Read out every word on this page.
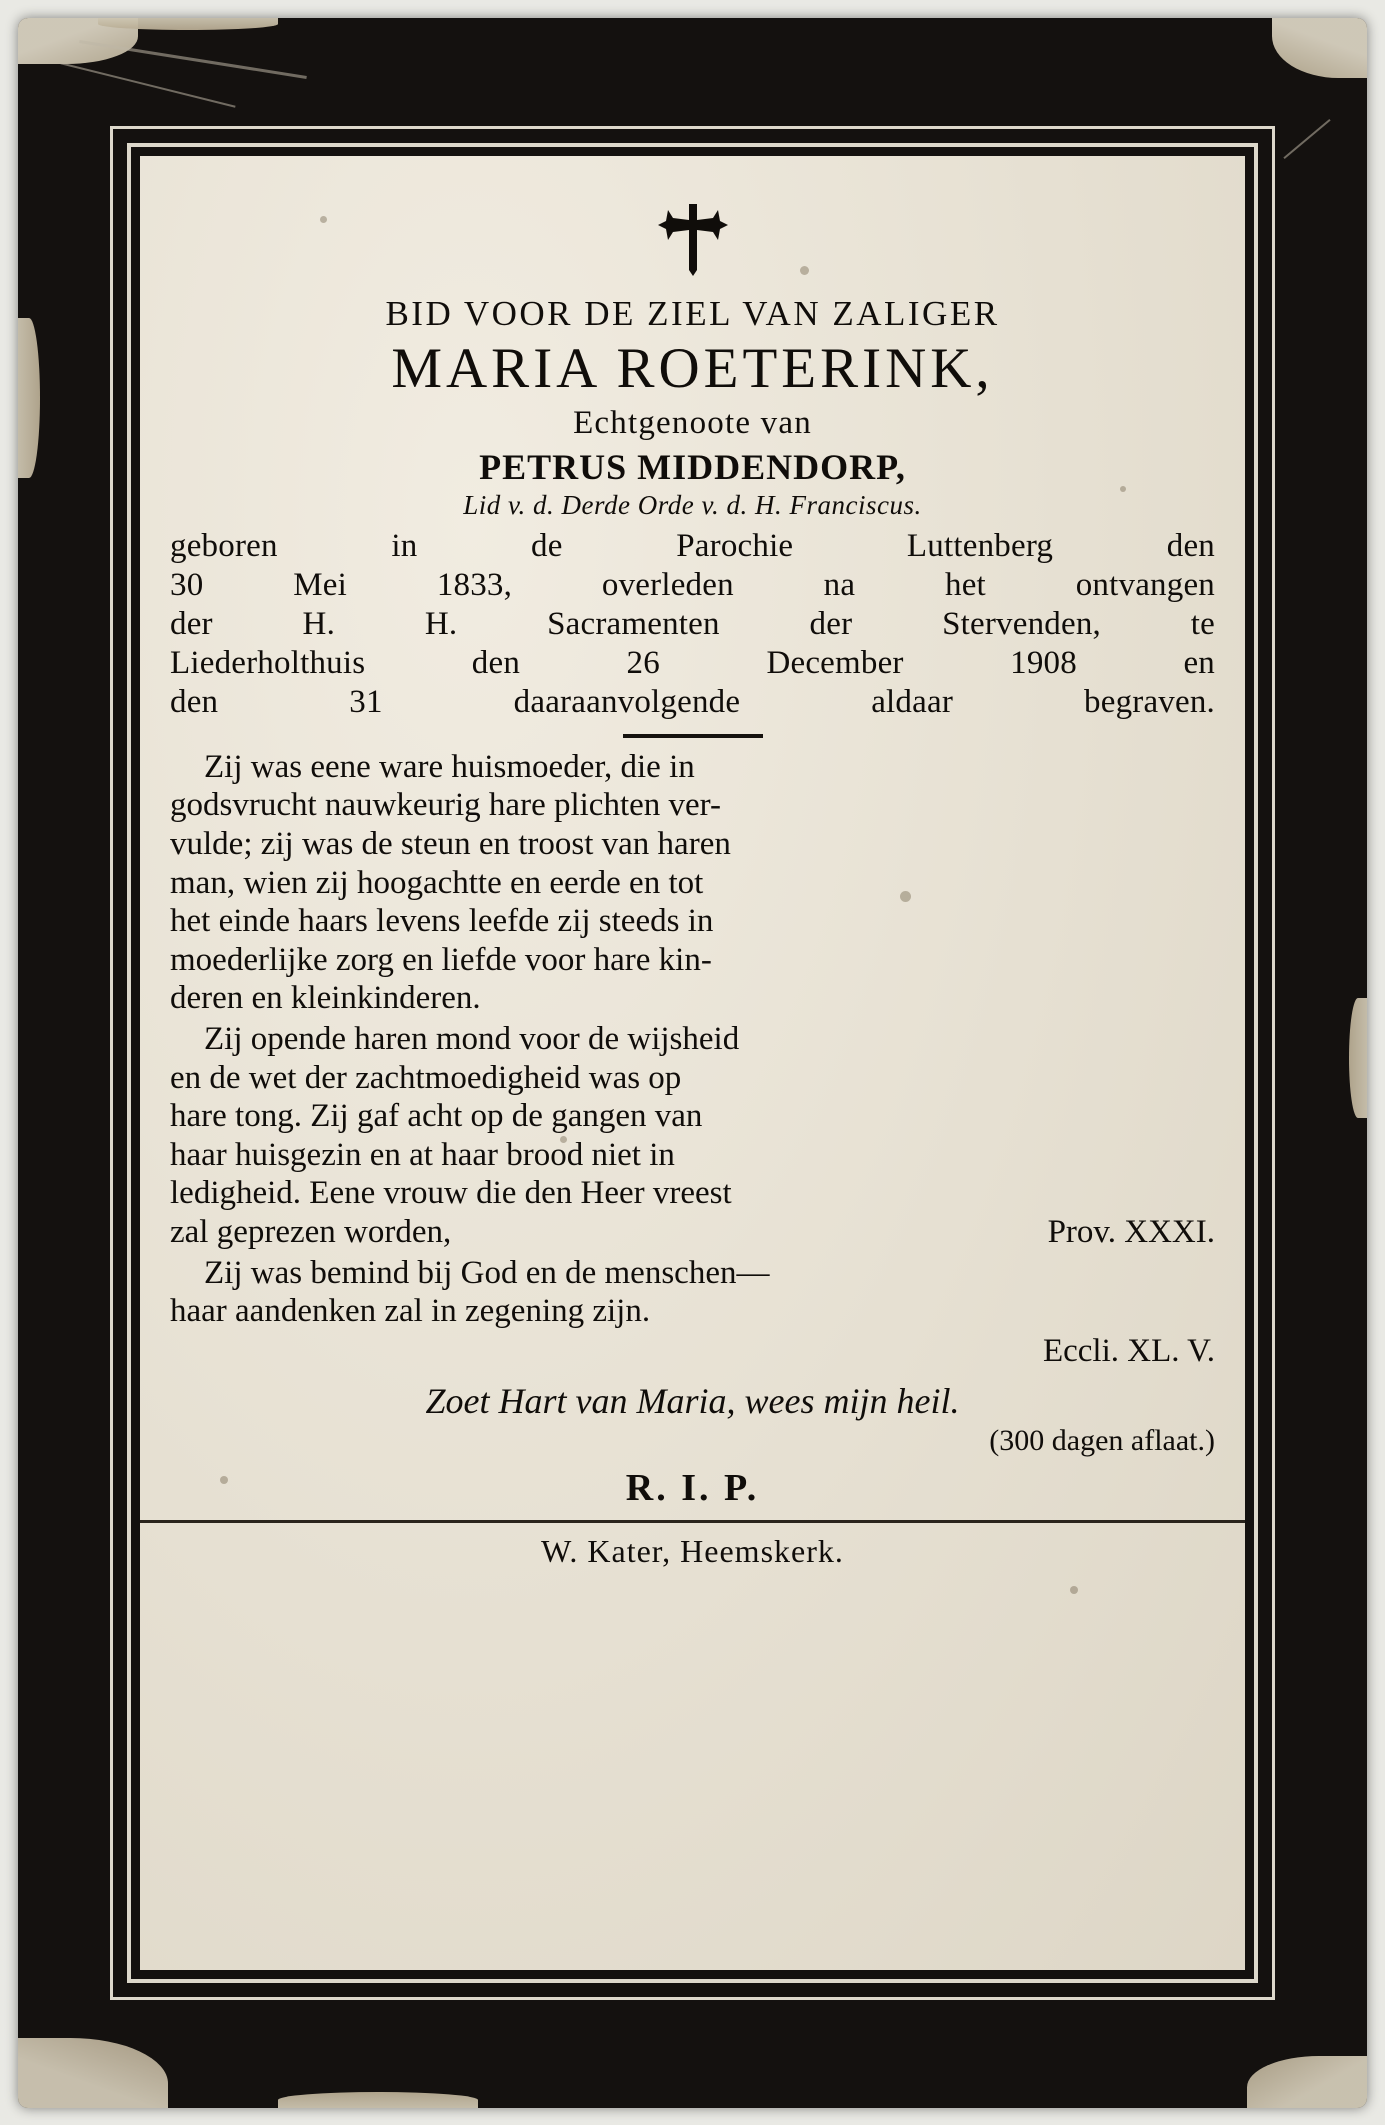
BID VOOR DE ZIEL VAN ZALIGER
MARIA ROETERINK,
Echtgenoote van
PETRUS MIDDENDORP,
Lid v. d. Derde Orde v. d. H. Franciscus.
geboren in de Parochie Luttenberg den
30 Mei 1833, overleden na het ontvangen
der H. H. Sacramenten der Stervenden, te
Liederholthuis den 26 December 1908 en
den 31 daaraanvolgende aldaar begraven.
Zij was eene ware huismoeder, die in
godsvrucht nauwkeurig hare plichten ver-
vulde; zij was de steun en troost van haren
man, wien zij hoogachtte en eerde en tot
het einde haars levens leefde zij steeds in
moederlijke zorg en liefde voor hare kin-
deren en kleinkinderen.
Zij opende haren mond voor de wijsheid
en de wet der zachtmoedigheid was op
hare tong. Zij gaf acht op de gangen van
haar huisgezin en at haar brood niet in
ledigheid. Eene vrouw die den Heer vreest
zal geprezen worden,	Prov. XXXI.
Zij was bemind bij God en de menschen—
haar aandenken zal in zegening zijn.
Eccli. XL. V.
Zoet Hart van Maria, wees mijn heil.
(300 dagen aflaat.)
R. I. P.
W. Kater, Heemskerk.
